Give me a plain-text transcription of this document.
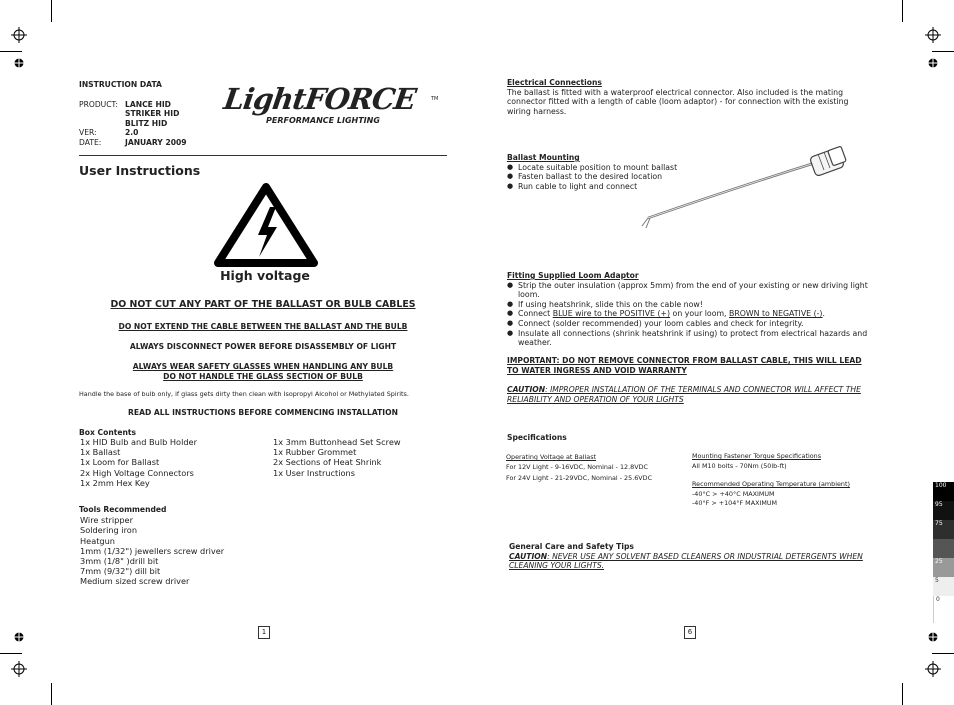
INSTRUCTION DATA
PRODUCT:

VER:
DATE:
LANCE HID
STRIKER HID
BLITZ HID
2.0
JANUARY 2009
LightFORCE	TM
PERFORMANCE LIGHTING
User Instructions
High voltage
DO NOT CUT ANY PART OF THE BALLAST OR BULB CABLES
DO NOT EXTEND THE CABLE BETWEEN THE BALLAST AND THE BULB
ALWAYS DISCONNECT POWER BEFORE DISASSEMBLY OF LIGHT
ALWAYS WEAR SAFETY GLASSES WHEN HANDLING ANY BULB
DO NOT HANDLE THE GLASS SECTION OF BULB
Handle the base of bulb only, if glass gets dirty then clean with Isopropyl Alcohol or Methylated Spirits.
READ ALL INSTRUCTIONS BEFORE COMMENCING INSTALLATION
Box Contents
1x HID Bulb and Bulb Holder
1x Ballast
1x Loom for Ballast
2x High Voltage Connectors
1x 2mm Hex Key
1x 3mm Buttonhead Set Screw
1x Rubber Grommet
2x Sections of Heat Shrink
1x User Instructions
Tools Recommended
Wire stripper
Soldering iron
Heatgun
1mm (1/32") jewellers screw driver
3mm (1/8" )drill bit
7mm (9/32") dill bit
Medium sized screw driver
1
Electrical Connections
The ballast is fitted with a waterproof electrical connector. Also included is the mating connector fitted with a length of cable (loom adaptor) - for connection with the existing wiring harness.
Ballast Mounting
● Locate suitable position to mount ballast
● Fasten ballast to the desired location
● Run cable to light and connect
Fitting Supplied Loom Adaptor
● Strip the outer insulation (approx 5mm) from the end of your existing or new driving light loom.
● If using heatshrink, slide this on the cable now!
● Connect BLUE wire to the POSITIVE (+) on your loom, BROWN to NEGATIVE (-).
● Connect (solder recommended) your loom cables and check for integrity.
● Insulate all connections (shrink heatshrink if using) to protect from electrical hazards and weather.
IMPORTANT: DO NOT REMOVE CONNECTOR FROM BALLAST CABLE, THIS WILL LEAD TO WATER INGRESS AND VOID WARRANTY
CAUTION: IMPROPER INSTALLATION OF THE TERMINALS AND CONNECTOR WILL AFFECT THE RELIABILITY AND OPERATION OF YOUR LIGHTS
Specifications
Operating Voltage at Ballast
For 12V Light - 9-16VDC, Nominal - 12.8VDC
For 24V Light - 21-29VDC, Nominal - 25.6VDC
Mounting Fastener Torque Specifications
All M10 bolts - 70Nm (50lb-ft)
Recommended Operating Temperature (ambient)
-40°C > +40°C MAXIMUM
-40°F > +104°F MAXIMUM
General Care and Safety Tips
CAUTION: NEVER USE ANY SOLVENT BASED CLEANERS OR INDUSTRIAL DETERGENTS WHEN CLEANING YOUR LIGHTS.
6
100
95
75
25
5
0
